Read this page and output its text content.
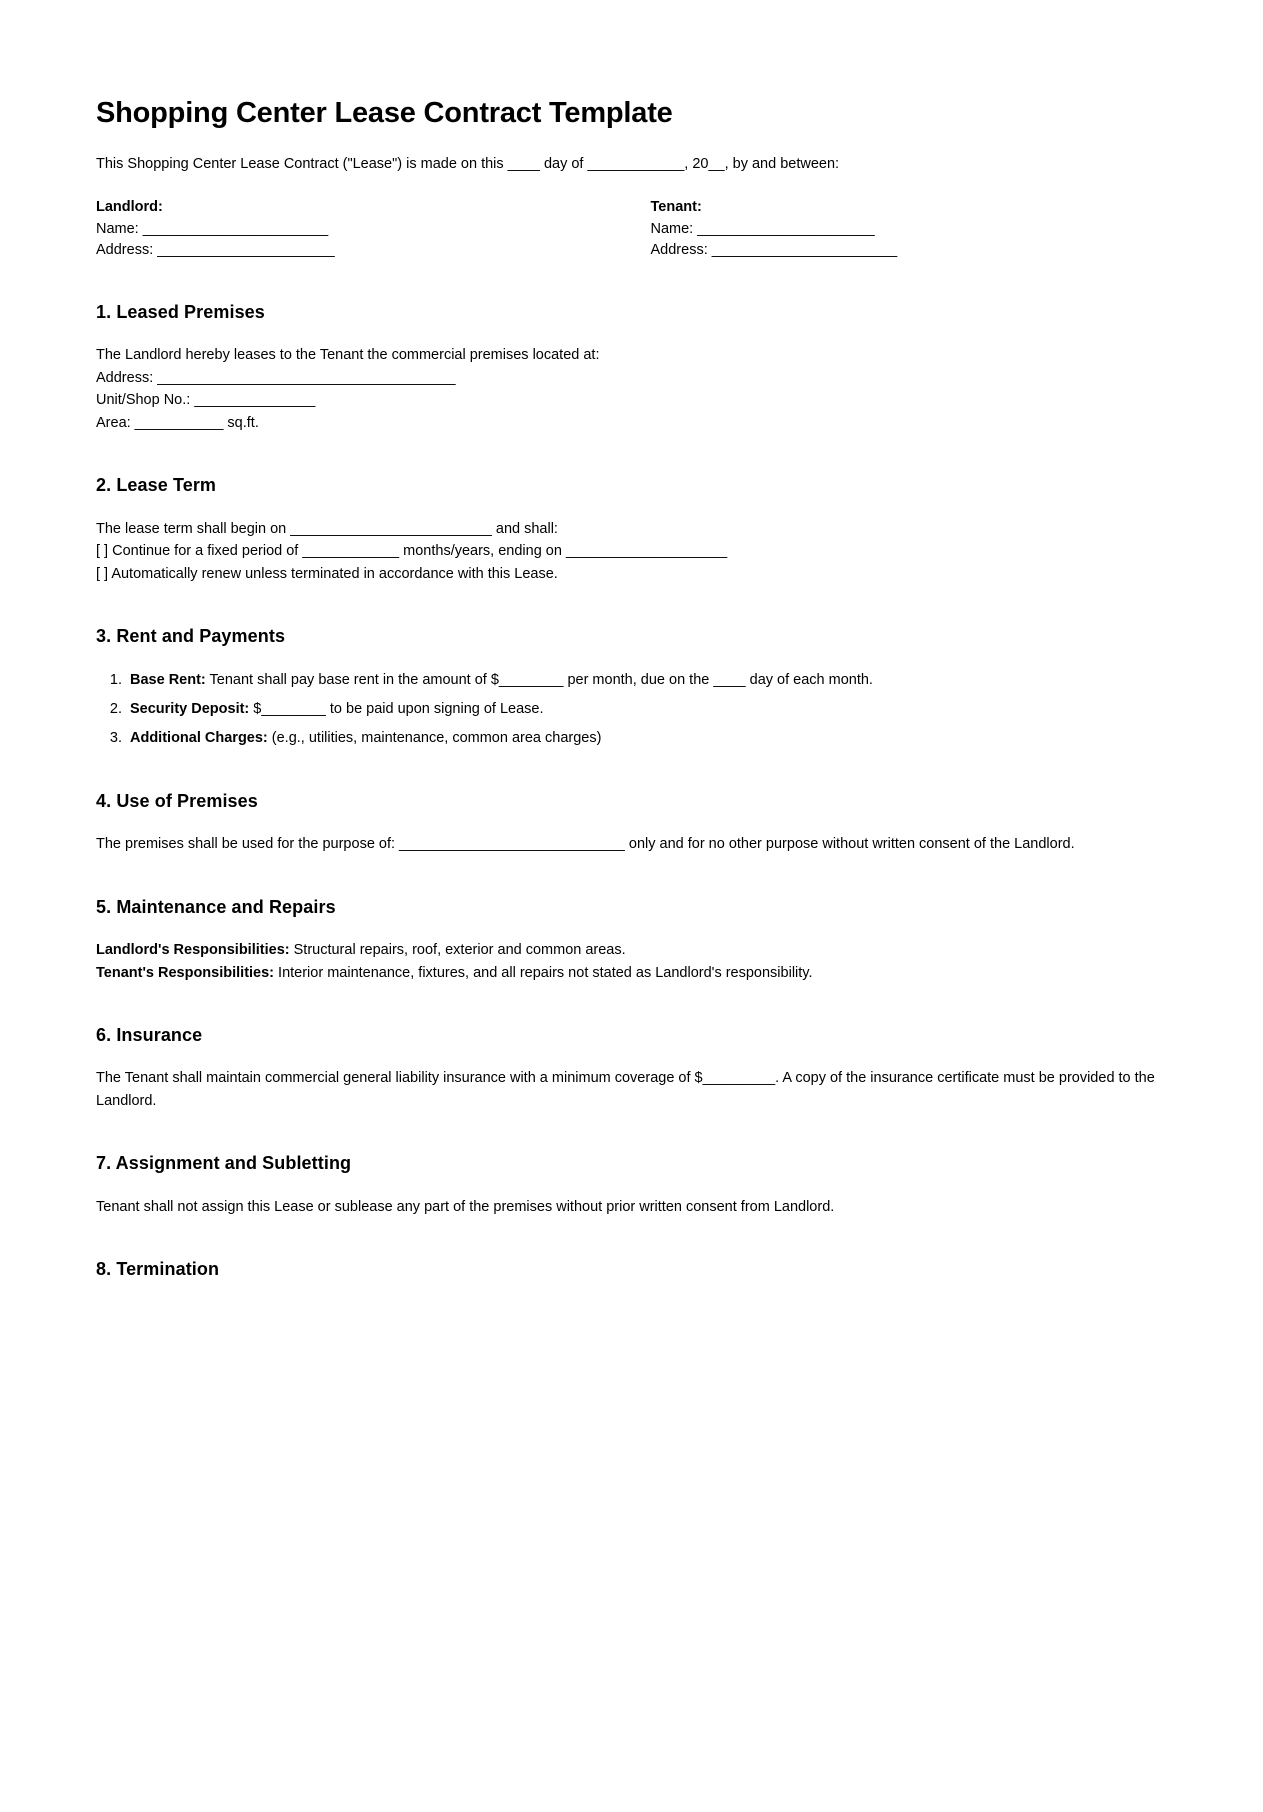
Shopping Center Lease Contract Template

This Shopping Center Lease Contract ("Lease") is made on this ____ day of ____________, 20__, by and between:

Landlord:

Name: _______________________

Address: ______________________

Tenant:

Name: ______________________

Address: _______________________

1. Leased Premises

The Landlord hereby leases to the Tenant the commercial premises located at:

Address: _____________________________________

Unit/Shop No.: _______________

Area: ___________ sq.ft.

2. Lease Term

The lease term shall begin on _________________________ and shall:

[ ] Continue for a fixed period of ____________ months/years, ending on ____________________

[ ] Automatically renew unless terminated in accordance with this Lease.

3. Rent and Payments
1. Base Rent: Tenant shall pay base rent in the amount of $________ per month, due on the ____ day of each month.
2. Security Deposit: $________ to be paid upon signing of Lease.
3. Additional Charges: (e.g., utilities, maintenance, common area charges)
4. Use of Premises

The premises shall be used for the purpose of: ____________________________ only and for no other purpose without written consent of the Landlord.

5. Maintenance and Repairs

Landlord's Responsibilities: Structural repairs, roof, exterior and common areas.

Tenant's Responsibilities: Interior maintenance, fixtures, and all repairs not stated as Landlord's responsibility.

6. Insurance

The Tenant shall maintain commercial general liability insurance with a minimum coverage of $_________. A copy of the insurance certificate must be provided to the Landlord.

7. Assignment and Subletting

Tenant shall not assign this Lease or sublease any part of the premises without prior written consent from Landlord.

8. Termination
